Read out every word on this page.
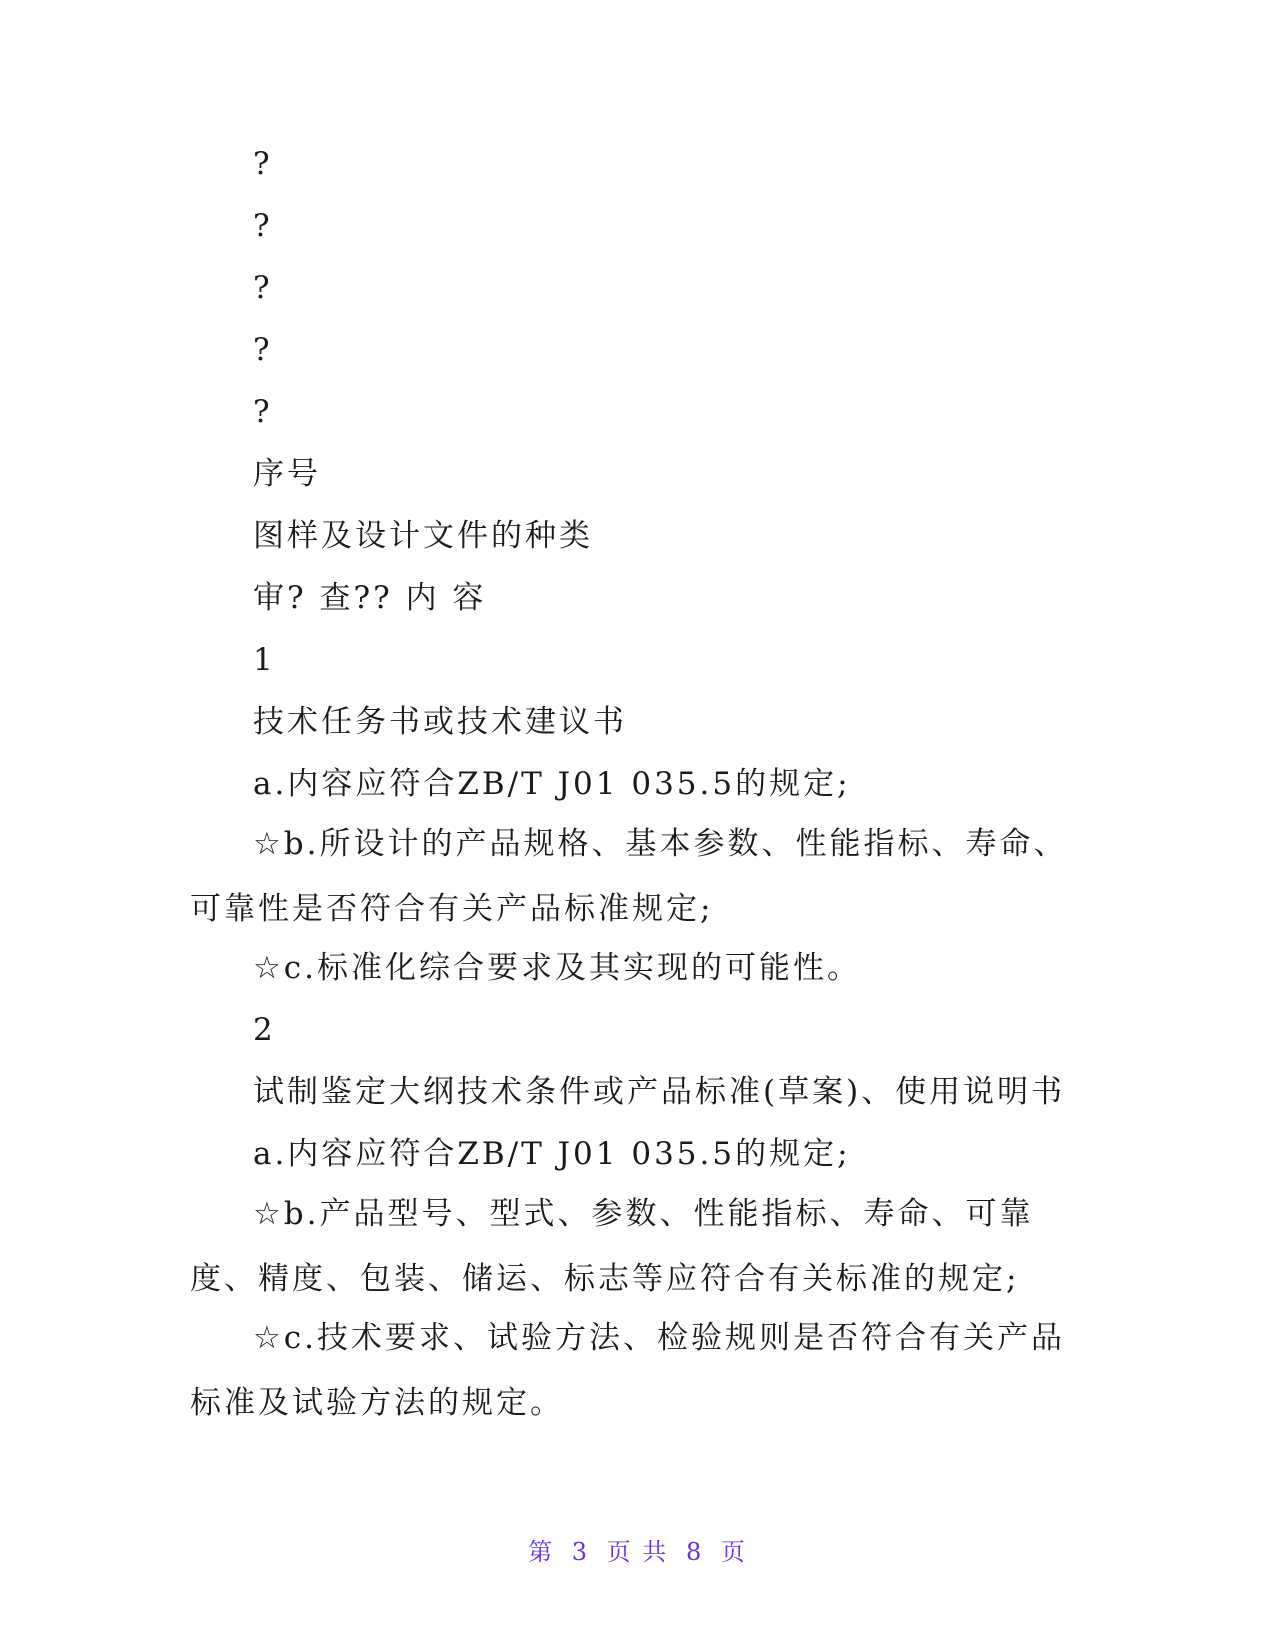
?

?

?

?

?

序号

图样及设计文件的种类

审? 查?? 内 容

1

技术任务书或技术建议书

a.内容应符合ZB/T J01 035.5的规定;

☆b.所设计的产品规格、基本参数、性能指标、寿命、可靠性是否符合有关产品标准规定;

☆c.标准化综合要求及其实现的可能性。

2

试制鉴定大纲技术条件或产品标准(草案)、使用说明书

a.内容应符合ZB/T J01 035.5的规定;

☆b.产品型号、型式、参数、性能指标、寿命、可靠度、精度、包装、储运、标志等应符合有关标准的规定;

☆c.技术要求、试验方法、检验规则是否符合有关产品标准及试验方法的规定。

第 3 页 共 8 页
